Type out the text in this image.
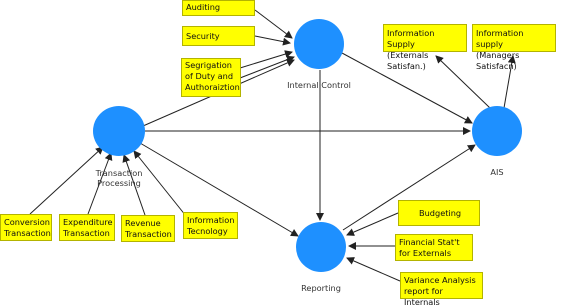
Internal Control
Transaction
Processing
AIS
Reporting
Auditing
Security
Segrigation
of Duty and
Authoraiztion
Information Supply
(Externals Satisfan.)
Information supply
(Managers Satisfacn)
Conversion
Transaction
Expenditure
Transaction
Revenue
Transaction
Information
Tecnology
Budgeting
Financial Stat't
for Externals
Variance Analysis
report for Internals
